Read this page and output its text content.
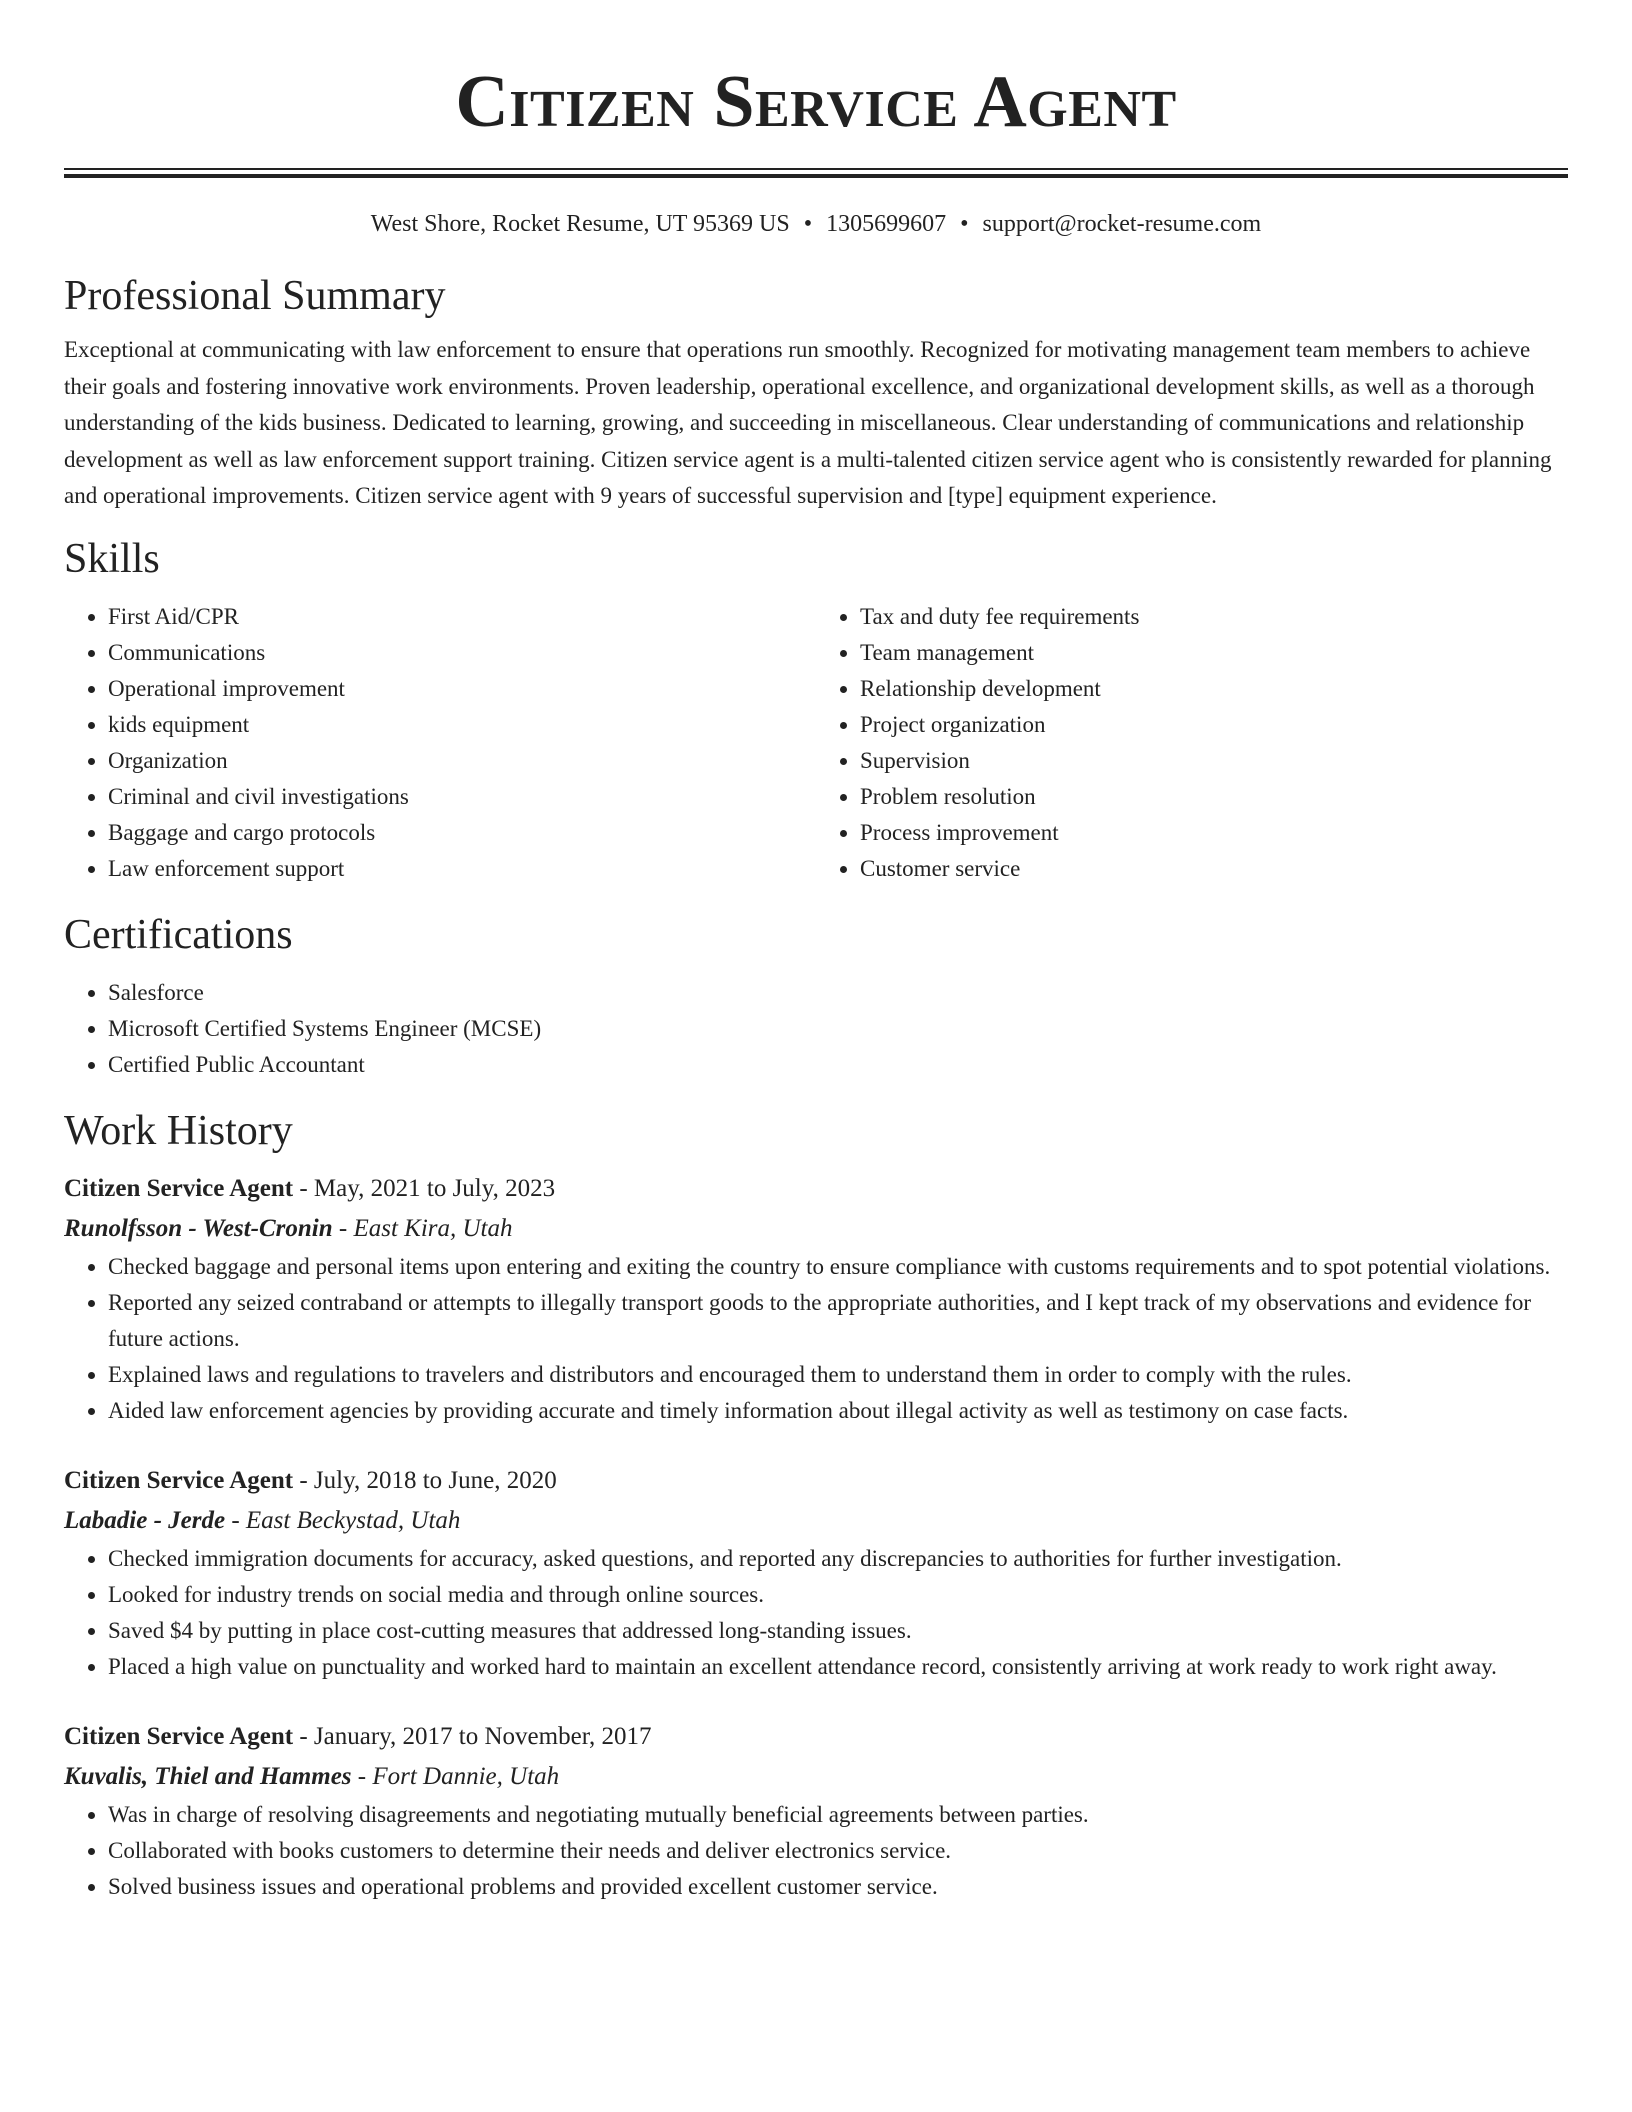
Citizen Service Agent
West Shore, Rocket Resume, UT 95369 US • 1305699607 • support@rocket-resume.com
Professional Summary

Exceptional at communicating with law enforcement to ensure that operations run smoothly. Recognized for motivating management team members to achieve their goals and fostering innovative work environments. Proven leadership, operational excellence, and organizational development skills, as well as a thorough understanding of the kids business. Dedicated to learning, growing, and succeeding in miscellaneous. Clear understanding of communications and relationship development as well as law enforcement support training. Citizen service agent is a multi-talented citizen service agent who is consistently rewarded for planning and operational improvements. Citizen service agent with 9 years of successful supervision and [type] equipment experience.

Skills
• First Aid/CPR
• Communications
• Operational improvement
• kids equipment
• Organization
• Criminal and civil investigations
• Baggage and cargo protocols
• Law enforcement support
• Tax and duty fee requirements
• Team management
• Relationship development
• Project organization
• Supervision
• Problem resolution
• Process improvement
• Customer service
Certifications
• Salesforce
• Microsoft Certified Systems Engineer (MCSE)
• Certified Public Accountant
Work History

Citizen Service Agent - May, 2021 to July, 2023

Runolfsson - West-Cronin - East Kira, Utah

• Checked baggage and personal items upon entering and exiting the country to ensure compliance with customs requirements and to spot potential violations.
• Reported any seized contraband or attempts to illegally transport goods to the appropriate authorities, and I kept track of my observations and evidence for future actions.
• Explained laws and regulations to travelers and distributors and encouraged them to understand them in order to comply with the rules.
• Aided law enforcement agencies by providing accurate and timely information about illegal activity as well as testimony on case facts.

Citizen Service Agent - July, 2018 to June, 2020

Labadie - Jerde - East Beckystad, Utah

• Checked immigration documents for accuracy, asked questions, and reported any discrepancies to authorities for further investigation.
• Looked for industry trends on social media and through online sources.
• Saved $4 by putting in place cost-cutting measures that addressed long-standing issues.
• Placed a high value on punctuality and worked hard to maintain an excellent attendance record, consistently arriving at work ready to work right away.

Citizen Service Agent - January, 2017 to November, 2017

Kuvalis, Thiel and Hammes - Fort Dannie, Utah

• Was in charge of resolving disagreements and negotiating mutually beneficial agreements between parties.
• Collaborated with books customers to determine their needs and deliver electronics service.
• Solved business issues and operational problems and provided excellent customer service.
